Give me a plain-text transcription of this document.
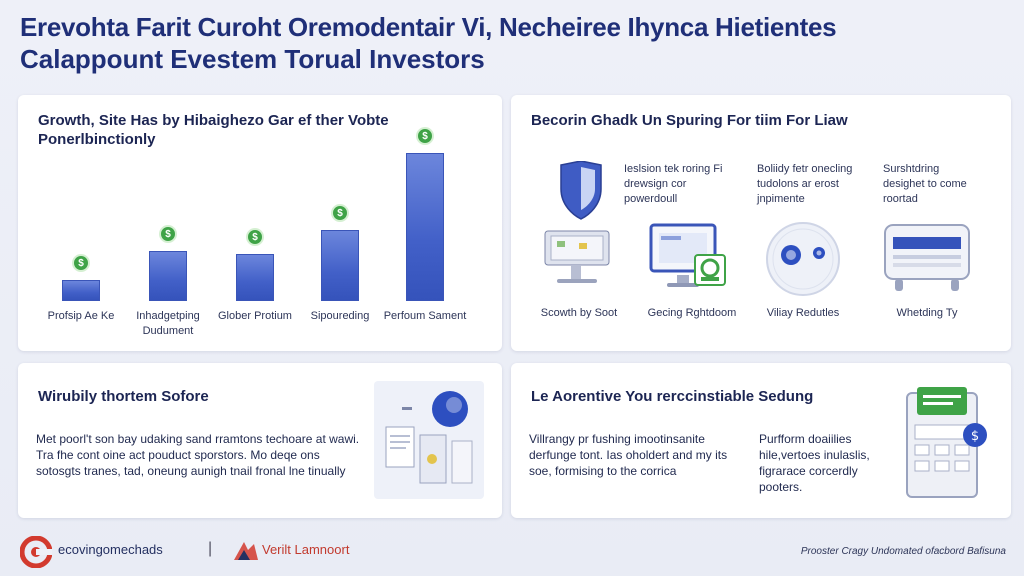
Erevohta Farit Curoht Oremodentair Vi, Necheiree Ihynca Hietientes
Calappount Evestem Torual Investors
Growth, Site Has by Hibaighezo Gar ef ther Vobte
Ponerlbinctionly
$
Profsip Ae Ke
$
Inhadgetping Dudument
$
Glober Protium
$
Sipoureding
$
Perfoum Sament
Becorin Ghadk Un Spuring For tiim For Liaw
Ieslsion tek roring Fi drewsign cor powerdoull
Boliidy fetr onecling tudolons ar erost jnpimente
Surshtdring desighet to come roortad
Scowth by Soot	Gecing Rghtdoom	Viliay Redutles	Whetding Ty
Wirubily thortem Sofore
Met poorl't son bay udaking sand rramtons techoare at wawi. Tra fhe cont oine act pouduct sporstors. Mo deqe ons sotosgts tranes, tad, oneung aunigh tnail fronal lne tinually
Le Aorentive You rerccinstiable Sedung
Villrangy pr fushing imootinsanite derfunge tont. Ias oholdert and my its soe, formising to the corrica
Purfform doaiilies hile,vertoes inulaslis, figrarace corcerdly pooters.
$
ecovingomechads	|	Verilt Lamnoort	Prooster Cragy Undomated ofacbord Bafisuna
